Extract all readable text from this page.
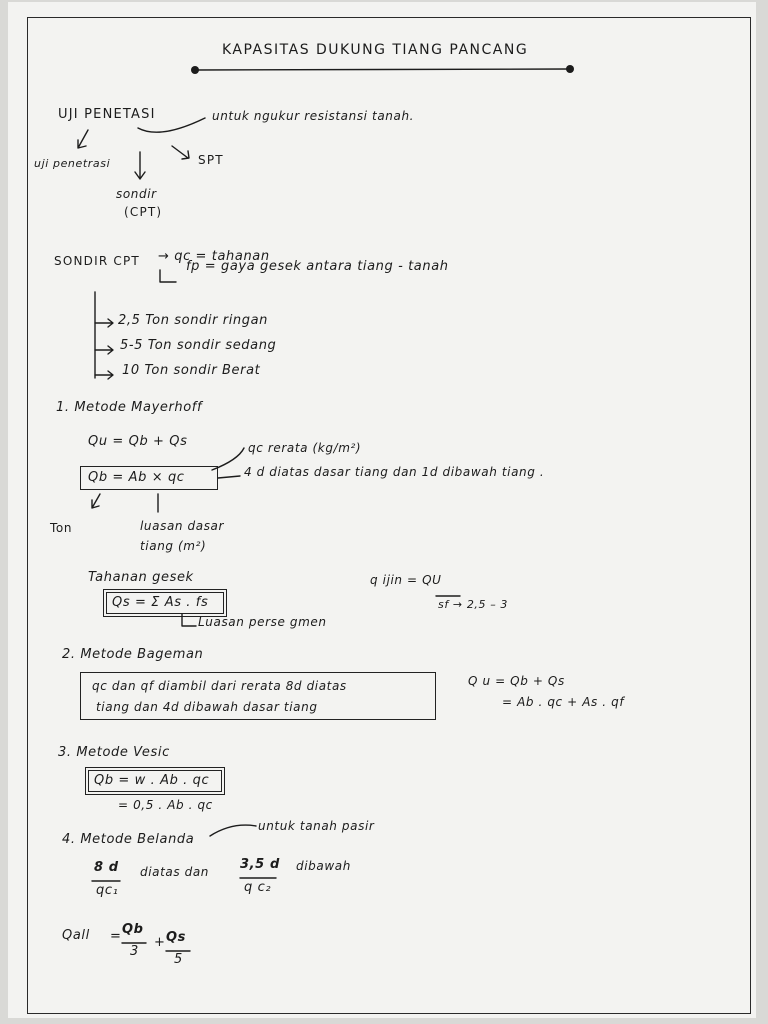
KAPASITAS DUKUNG TIANG PANCANG
UJI PENETASI	untuk ngukur resistansi tanah.
uji penetrasi
sondir
(CPT)
SPT
SONDIR CPT → qc = tahanan
fp = gaya gesek antara tiang - tanah
2,5 Ton sondir ringan
5-5 Ton sondir sedang
10 Ton sondir Berat
1. Metode Mayerhoff
Qu = Qb + Qs	qc rerata (kg/m²)
Qb = Ab × qc	4 d diatas dasar tiang dan 1d dibawah tiang .
Ton	luasan dasar
tiang (m²)
Tahanan gesek
Qs = Σ As . fs
Luasan perse gmen
q ijin = QU
sf → 2,5 – 3
2. Metode Bageman
qc dan qf diambil dari rerata 8d diatas
tiang dan 4d dibawah dasar tiang
Q u = Qb + Qs
= Ab . qc + As . qf
3. Metode Vesic
Qb = w . Ab . qc
= 0,5 . Ab . qc
4. Metode Belanda
untuk tanah pasir
8 d
qc₁
diatas dan 3,5 d
q c₂
dibawah
Qall = Qb
3
+ Qs
5
